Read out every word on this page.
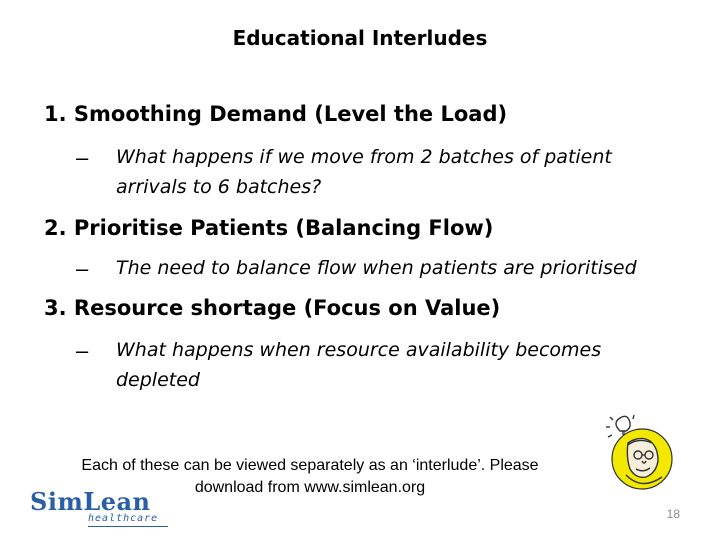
Educational Interludes
1. Smoothing Demand (Level the Load)
– What happens if we move from 2 batches of patient
arrivals to 6 batches?
2. Prioritise Patients (Balancing Flow)
– The need to balance flow when patients are prioritised
3. Resource shortage (Focus on Value)
– What happens when resource availability becomes
depleted
Each of these can be viewed separately as an ‘interlude’. Please
download from www.simlean.org
SimLean
healthcare	18
